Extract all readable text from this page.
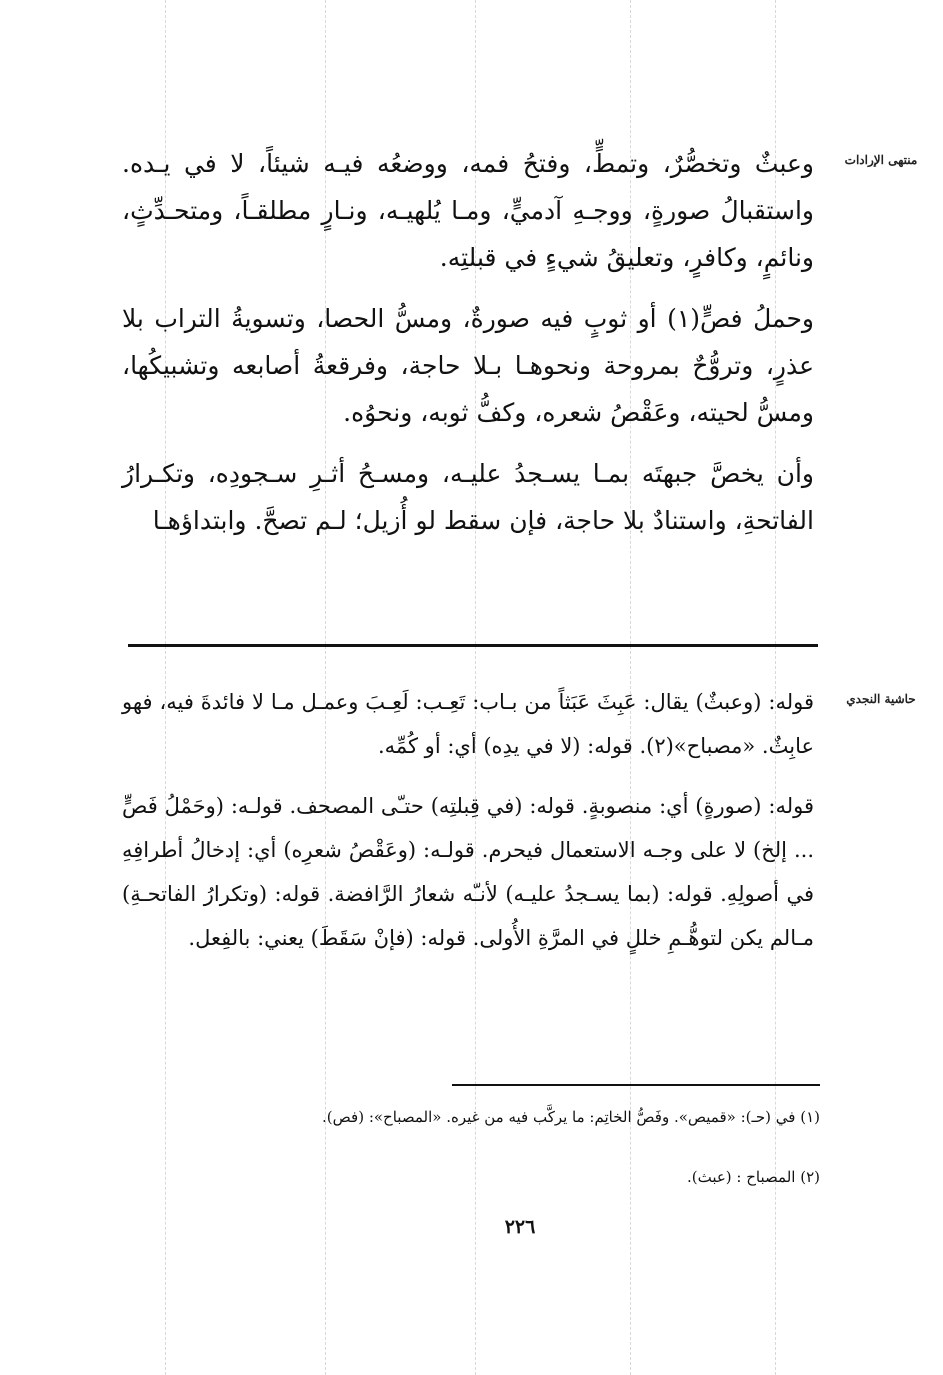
منتهى الإرادات

وعبثٌ وتخصُّرٌ، وتمطٍّ، وفتحُ فمه، ووضعُه فيـه شيئاً، لا في يـده. واستقبالُ صورةٍ، ووجـهِ آدميٍّ، ومـا يُلهيـه، ونـارٍ مطلقـاً، ومتحـدِّثٍ، ونائمٍ، وكافرٍ، وتعليقُ شيءٍ في قبلتِه.

وحملُ فصٍّ(١) أو ثوبٍ فيه صورةٌ، ومسُّ الحصا، وتسويةُ التراب بلا عذرٍ، وتروُّحٌ بمروحة ونحوهـا بـلا حاجة، وفرقعةُ أصابعه وتشبيكُها، ومسُّ لحيته، وعَقْصُ شعره، وكفُّ ثوبه، ونحوُه.

وأن يخصَّ جبهتَه بمـا يسـجدُ عليـه، ومسـحُ أثـرِ سـجودِه، وتكـرارُ الفاتحةِ، واستنادٌ بلا حاجة، فإن سقط لو أُزيل؛ لـم تصحَّ. وابتداؤهـا

حاشية النجدي

قوله: (وعبثٌ) يقال: عَبِثَ عَبَثاً من بـاب: تَعِـب: لَعِـبَ وعمـل مـا لا فائدةَ فيه، فهو عابِثٌ. «مصباح»(٢). قوله: (لا في يدِه) أي: أو كُمِّه.

قوله: (صورةٍ) أي: منصوبةٍ. قوله: (في قِبلتِه) حتـّى المصحف. قولـه: (وحَمْلُ فَصٍّ ... إلخ) لا على وجـه الاستعمال فيحرم. قولـه: (وعَقْصُ شعرِه) أي: إدخالُ أطرافِهِ في أصولِهِ. قوله: (بما يسـجدُ عليـه) لأنـّه شعارُ الرَّافضة. قوله: (وتكرارُ الفاتحـةِ) مـالم يكن لتوهُّـمِ خللٍ في المرَّةِ الأُولى. قوله: (فإنْ سَقَطَ) يعني: بالفِعل.

(١) في (حـ): «قميص». وفَصُّ الخاتِم: ما يركَّب فيه من غيره. «المصباح»: (فص).
(٢) المصباح : (عبث).
٢٢٦
